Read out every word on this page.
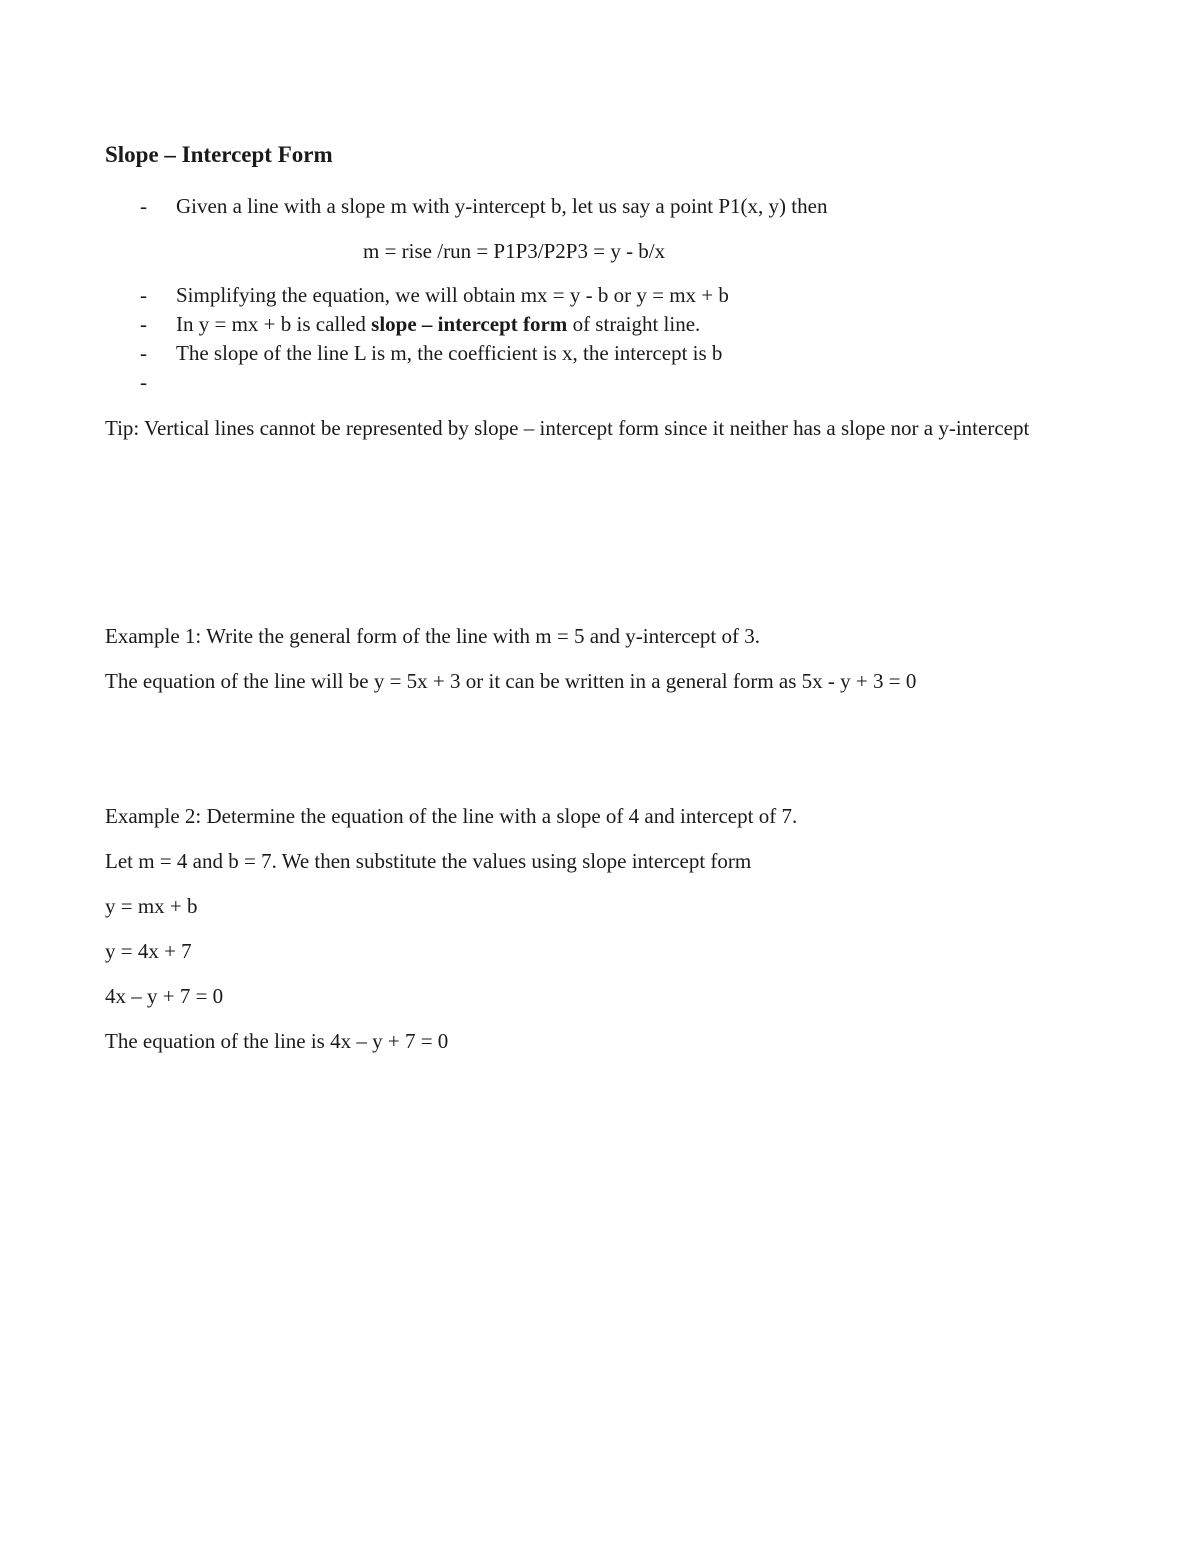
Slope – Intercept Form
- Given a line with a slope m with y-intercept b, let us say a point P1(x, y) then
m = rise /run = P1P3/P2P3 = y - b/x
- Simplifying the equation, we will obtain mx = y - b or y = mx + b
- In y = mx + b is called slope – intercept form of straight line.
- The slope of the line L is m, the coefficient is x, the intercept is b
-
Tip: Vertical lines cannot be represented by slope – intercept form since it neither has a slope nor a y-intercept
Example 1: Write the general form of the line with m = 5 and y-intercept of 3.
The equation of the line will be y = 5x + 3 or it can be written in a general form as 5x - y + 3 = 0
Example 2: Determine the equation of the line with a slope of 4 and intercept of 7.
Let m = 4 and b = 7. We then substitute the values using slope intercept form
y = mx + b
y = 4x + 7
4x – y + 7 = 0
The equation of the line is 4x – y + 7 = 0
